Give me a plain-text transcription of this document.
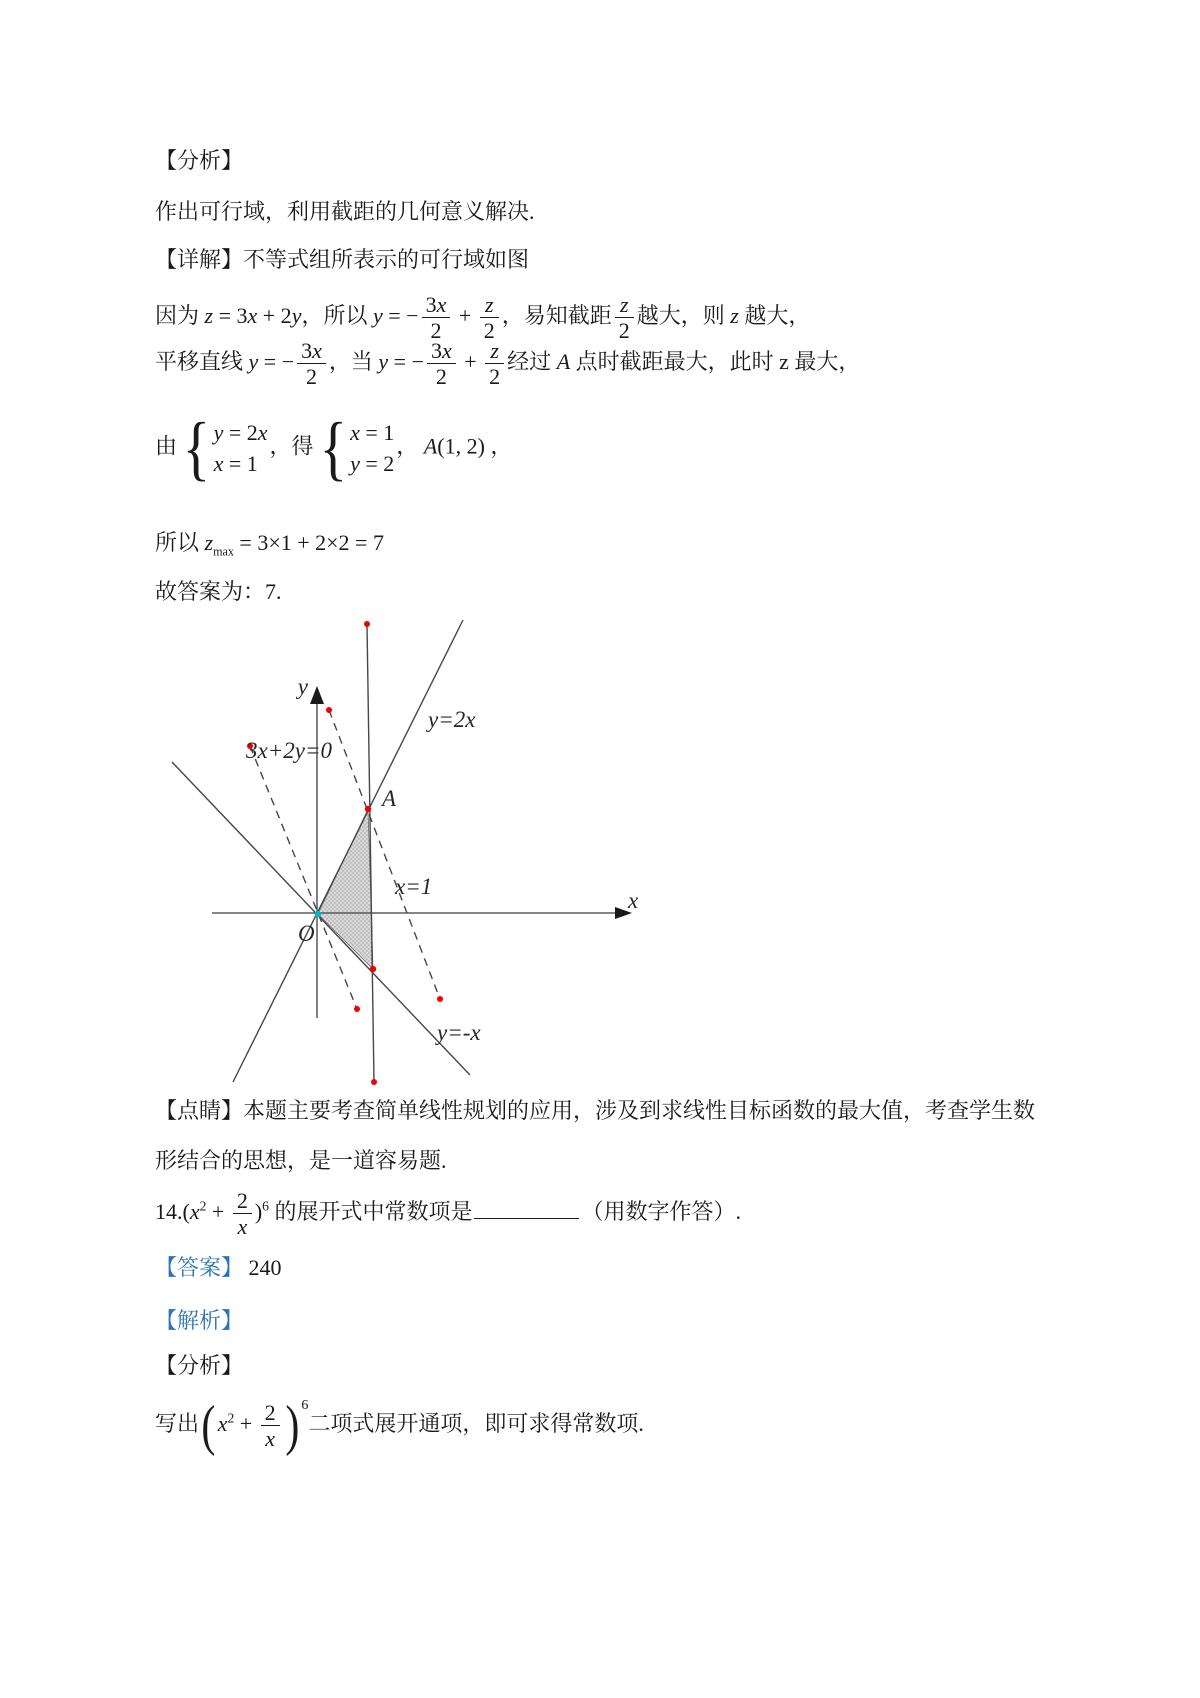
【分析】
作出可行域，利用截距的几何意义解决.
【详解】不等式组所表示的可行域如图
因为 z = 3x + 2y，所以 y = − $\frac{3x}{2} + \frac{z}{2}$ ，易知截距 $\frac{z}{2}$ 越大，则 z 越大，
平移直线 y = − $\frac{3x}{2}$ ，当 y = − $\frac{3x}{2} + \frac{z}{2}$ 经过 A 点时截距最大，此时 z 最大，
由 { y = 2x
x = 1
，得 { x = 1
y = 2
， A(1, 2) ，
所以 $z_{max} = 3\times 1 + 2\times 2 = 7$
故答案为：7.
y
x
y=2x
3x+2y=0
A
x=1
O
y=-x
【点睛】本题主要考查简单线性规划的应用，涉及到求线性目标函数的最大值，考查学生数
形结合的思想，是一道容易题.
$14.(x^2 + \frac{2}{x} )^6$ 的展开式中常数项是	（用数字作答）.
【答案】 240
【解析】
【分析】
写出( $x^2 + \frac{2}{x}$ ) 6二项式展开通项，即可求得常数项.
